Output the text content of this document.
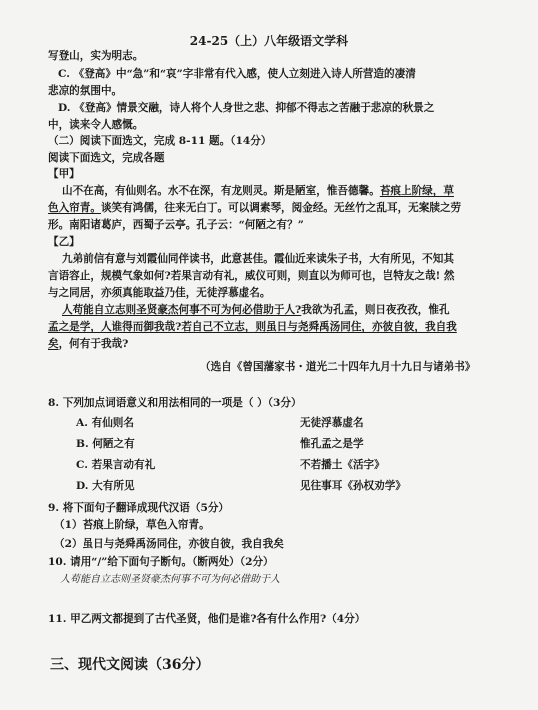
24-25（上）八年级语文学科
写登山，实为明志。
C. 《登高》中“急”和“哀”字非常有代入感，使人立刻进入诗人所营造的凄清
悲凉的氛围中。
D. 《登高》情景交融，诗人将个人身世之悲、抑郁不得志之苦融于悲凉的秋景之
中，读来令人感慨。
（二）阅读下面选文，完成 8-11 题。（14分）
阅读下面选文，完成各题
【甲】
山不在高，有仙则名。水不在深，有龙则灵。斯是陋室，惟吾德馨。苔痕上阶绿，草
色入帘青。谈笑有鸿儒，往来无白丁。可以调素琴，阅金经。无丝竹之乱耳，无案牍之劳
形。南阳诸葛庐，西蜀子云亭。孔子云：“何陋之有？”
【乙】
九弟前信有意与刘霞仙同伴读书，此意甚佳。霞仙近来读朱子书，大有所见，不知其
言语容止，规模气象如何?若果言动有礼，威仪可则，则直以为师可也，岂特友之哉! 然
与之同居，亦须真能取益乃佳，无徒浮慕虚名。
人苟能自立志则圣贤豪杰何事不可为何必借助于人?我欲为孔孟，则日夜孜孜，惟孔
孟之是学，人谁得而御我哉?若自己不立志，则虽日与尧舜禹汤同住，亦彼自彼，我自我
矣，何有于我哉?
（选自《曾国藩家书・道光二十四年九月十九日与诸弟书》
8. 下列加点词语意义和用法相同的一项是（ ）（3分）
A. 有仙则名	无徒浮慕虚名
B. 何陋之有	惟孔孟之是学
C. 若果言动有礼	不若播土《活字》
D. 大有所见	见往事耳《孙权劝学》
9. 将下面句子翻译成现代汉语（5分）
（1）苔痕上阶绿，草色入帘青。
（2）虽日与尧舜禹汤同住，亦彼自彼，我自我矣
10. 请用“/”给下面句子断句。（断两处）（2分）
人苟能自立志则圣贤豪杰何事不可为何必借助于人
11. 甲乙两文都提到了古代圣贤，他们是谁?各有什么作用?（4分）
三、现代文阅读（36分）
